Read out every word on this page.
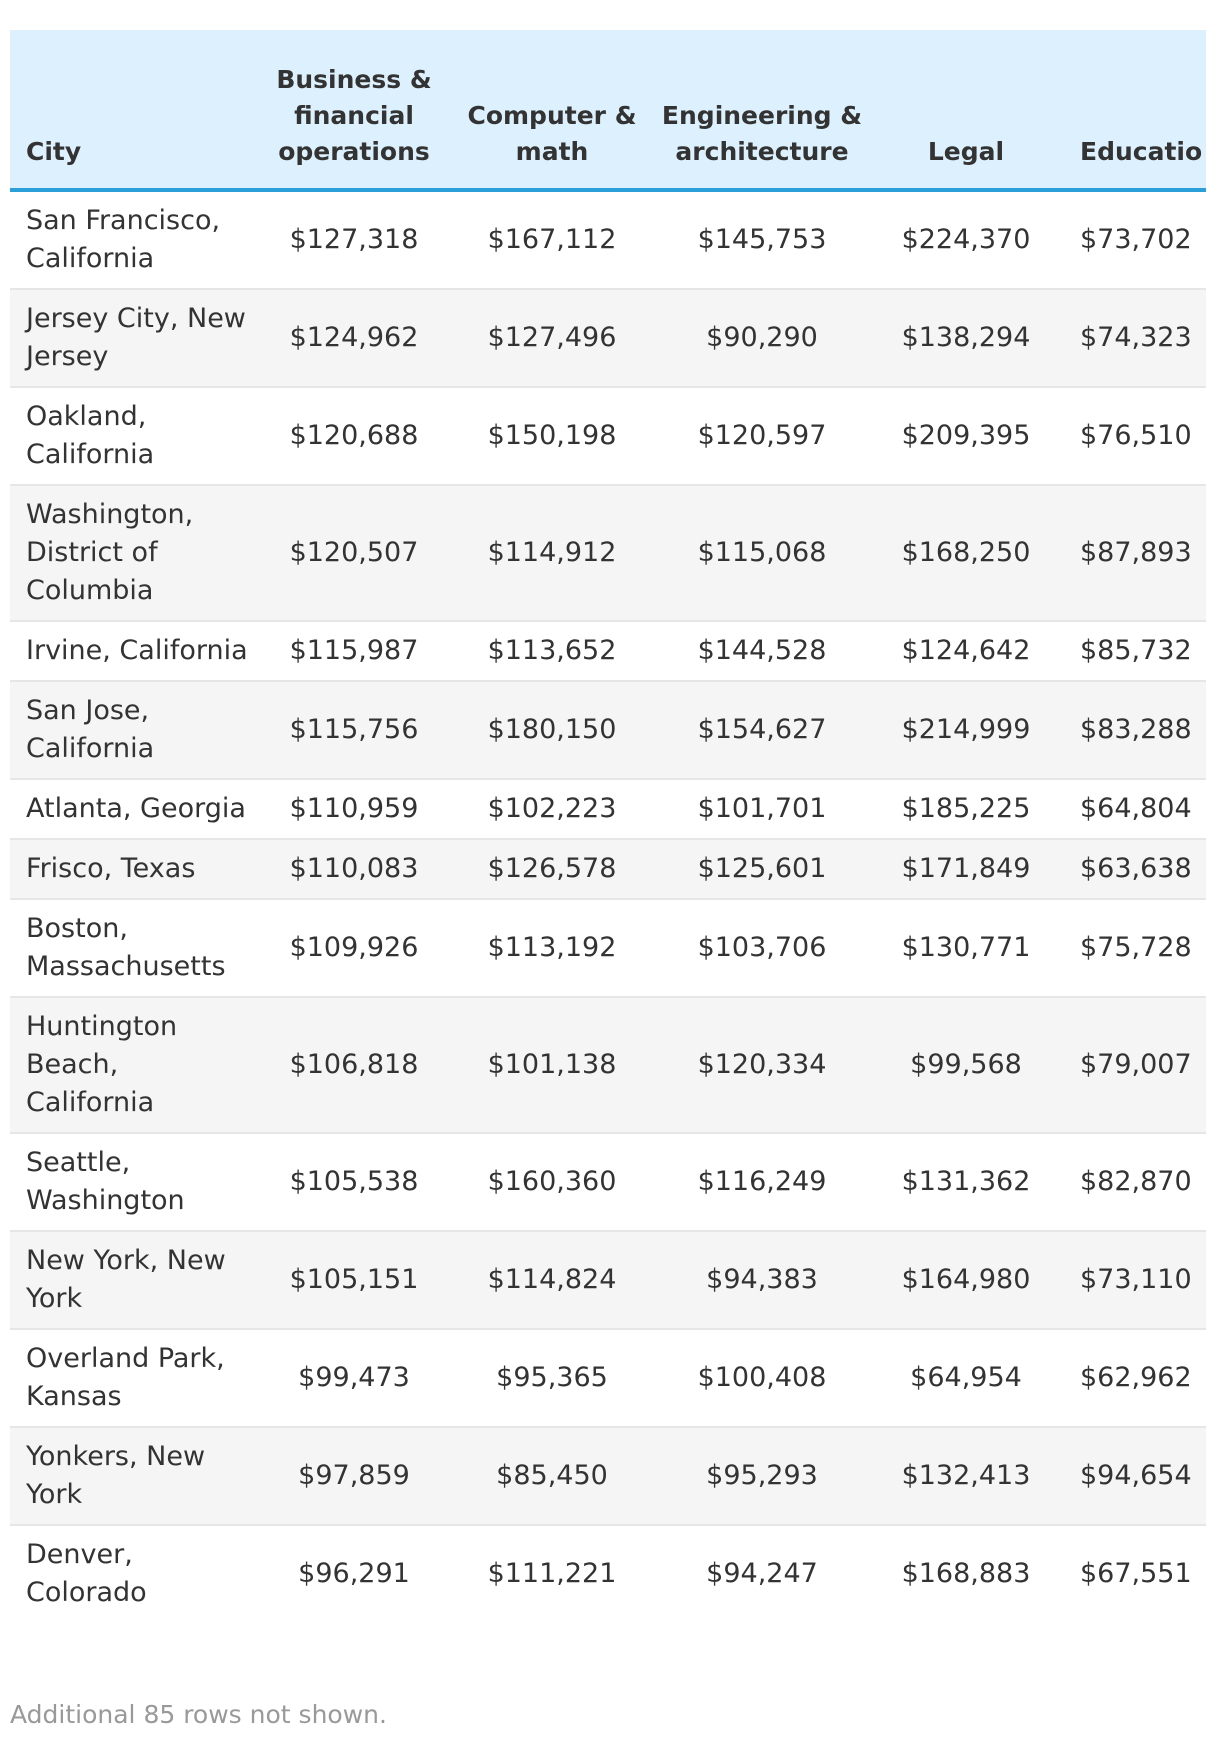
City	Business & financial operations	Computer & math	Engineering & architecture	Legal	Educatio
San Francisco, California	$127,318	$167,112	$145,753	$224,370	$73,702
Jersey City, New Jersey	$124,962	$127,496	$90,290	$138,294	$74,323
Oakland, California	$120,688	$150,198	$120,597	$209,395	$76,510
Washington, District of Columbia	$120,507	$114,912	$115,068	$168,250	$87,893
Irvine, California	$115,987	$113,652	$144,528	$124,642	$85,732
San Jose, California	$115,756	$180,150	$154,627	$214,999	$83,288
Atlanta, Georgia	$110,959	$102,223	$101,701	$185,225	$64,804
Frisco, Texas	$110,083	$126,578	$125,601	$171,849	$63,638
Boston, Massachusetts	$109,926	$113,192	$103,706	$130,771	$75,728
Huntington Beach, California	$106,818	$101,138	$120,334	$99,568	$79,007
Seattle, Washington	$105,538	$160,360	$116,249	$131,362	$82,870
New York, New York	$105,151	$114,824	$94,383	$164,980	$73,110
Overland Park, Kansas	$99,473	$95,365	$100,408	$64,954	$62,962
Yonkers, New York	$97,859	$85,450	$95,293	$132,413	$94,654
Denver, Colorado	$96,291	$111,221	$94,247	$168,883	$67,551
Additional 85 rows not shown.
